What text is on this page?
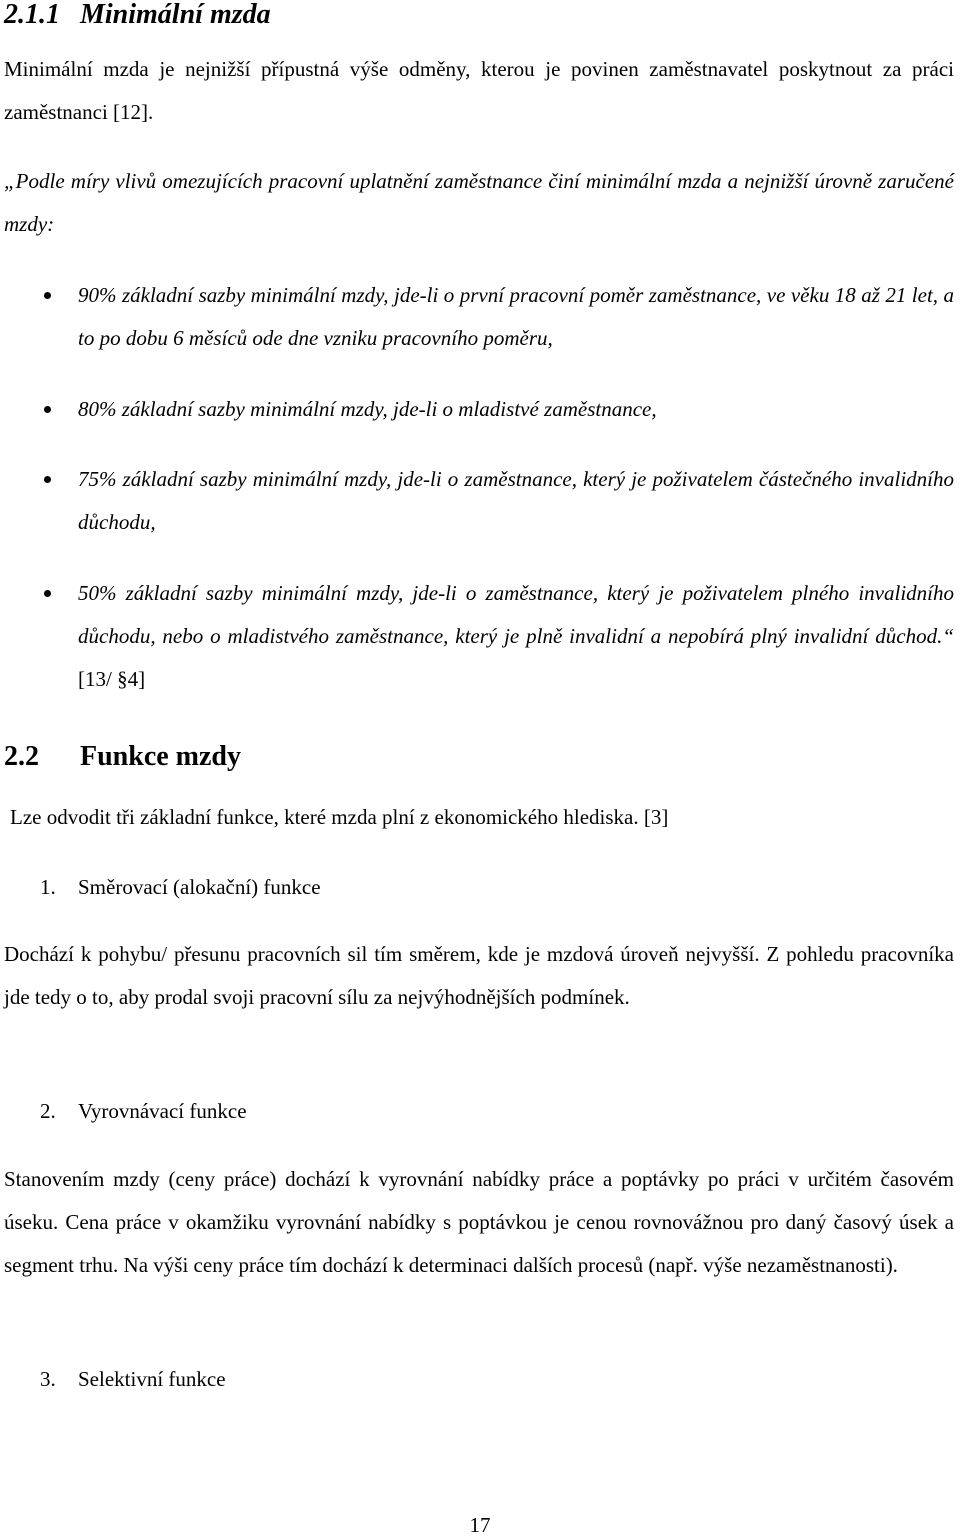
2.1.1 Minimální mzda

Minimální mzda je nejnižší přípustná výše odměny, kterou je povinen zaměstnavatel poskytnout za práci zaměstnanci [12].

„Podle míry vlivů omezujících pracovní uplatnění zaměstnance činí minimální mzda a nejnižší úrovně zaručené mzdy:

90% základní sazby minimální mzdy, jde-li o první pracovní poměr zaměstnance, ve věku 18 až 21 let, a to po dobu 6 měsíců ode dne vzniku pracovního poměru,
80% základní sazby minimální mzdy, jde-li o mladistvé zaměstnance,
75% základní sazby minimální mzdy, jde-li o zaměstnance, který je poživatelem částečného invalidního důchodu,
50% základní sazby minimální mzdy, jde-li o zaměstnance, který je poživatelem plného invalidního důchodu, nebo o mladistvého zaměstnance, který je plně invalidní a nepobírá plný invalidní důchod.“ [13/ §4]
2.2 Funkce mzdy

Lze odvodit tři základní funkce, které mzda plní z ekonomického hlediska. [3]

1. Směrovací (alokační) funkce

Dochází k pohybu/ přesunu pracovních sil tím směrem, kde je mzdová úroveň nejvyšší. Z pohledu pracovníka jde tedy o to, aby prodal svoji pracovní sílu za nejvýhodnějších podmínek.

2. Vyrovnávací funkce

Stanovením mzdy (ceny práce) dochází k vyrovnání nabídky práce a poptávky po práci v určitém časovém úseku. Cena práce v okamžiku vyrovnání nabídky s poptávkou je cenou rovnovážnou pro daný časový úsek a segment trhu. Na výši ceny práce tím dochází k determinaci dalších procesů (např. výše nezaměstnanosti).

3. Selektivní funkce
17
